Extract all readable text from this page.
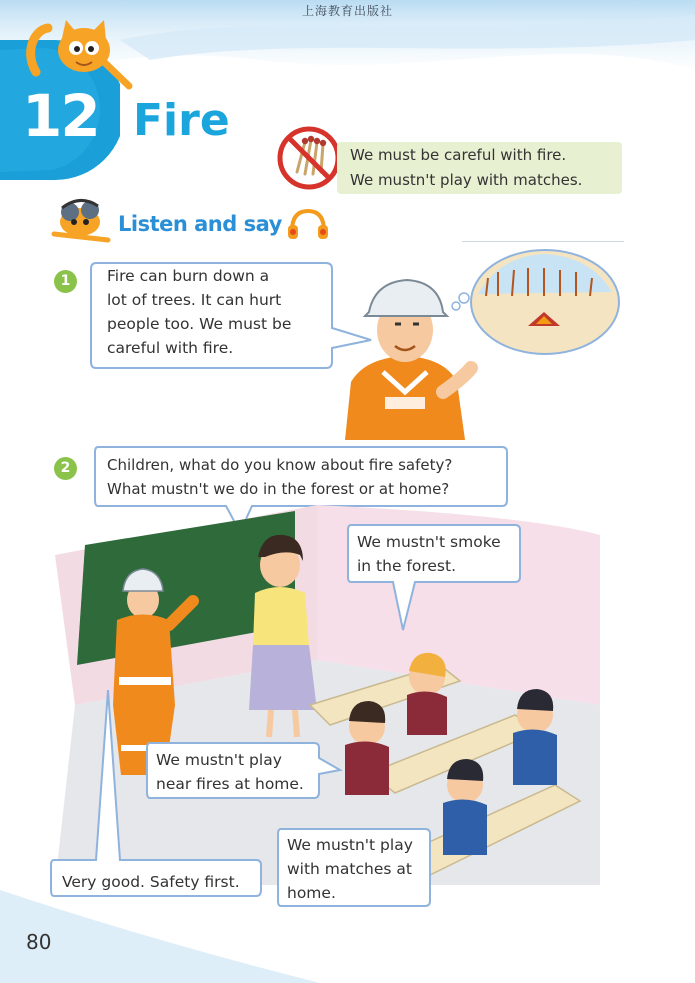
上海教育出版社
12 Fire
We must be careful with fire.
We mustn't play with matches.
Listen and say
1	Fire can burn down a
lot of trees. It can hurt
people too. We must be
careful with fire.
2	Children, what do you know about fire safety?
What mustn't we do in the forest or at home?
We mustn't smoke
in the forest.
We mustn't play
near fires at home.
We mustn't play
with matches at
home.
Very good. Safety first.
80
